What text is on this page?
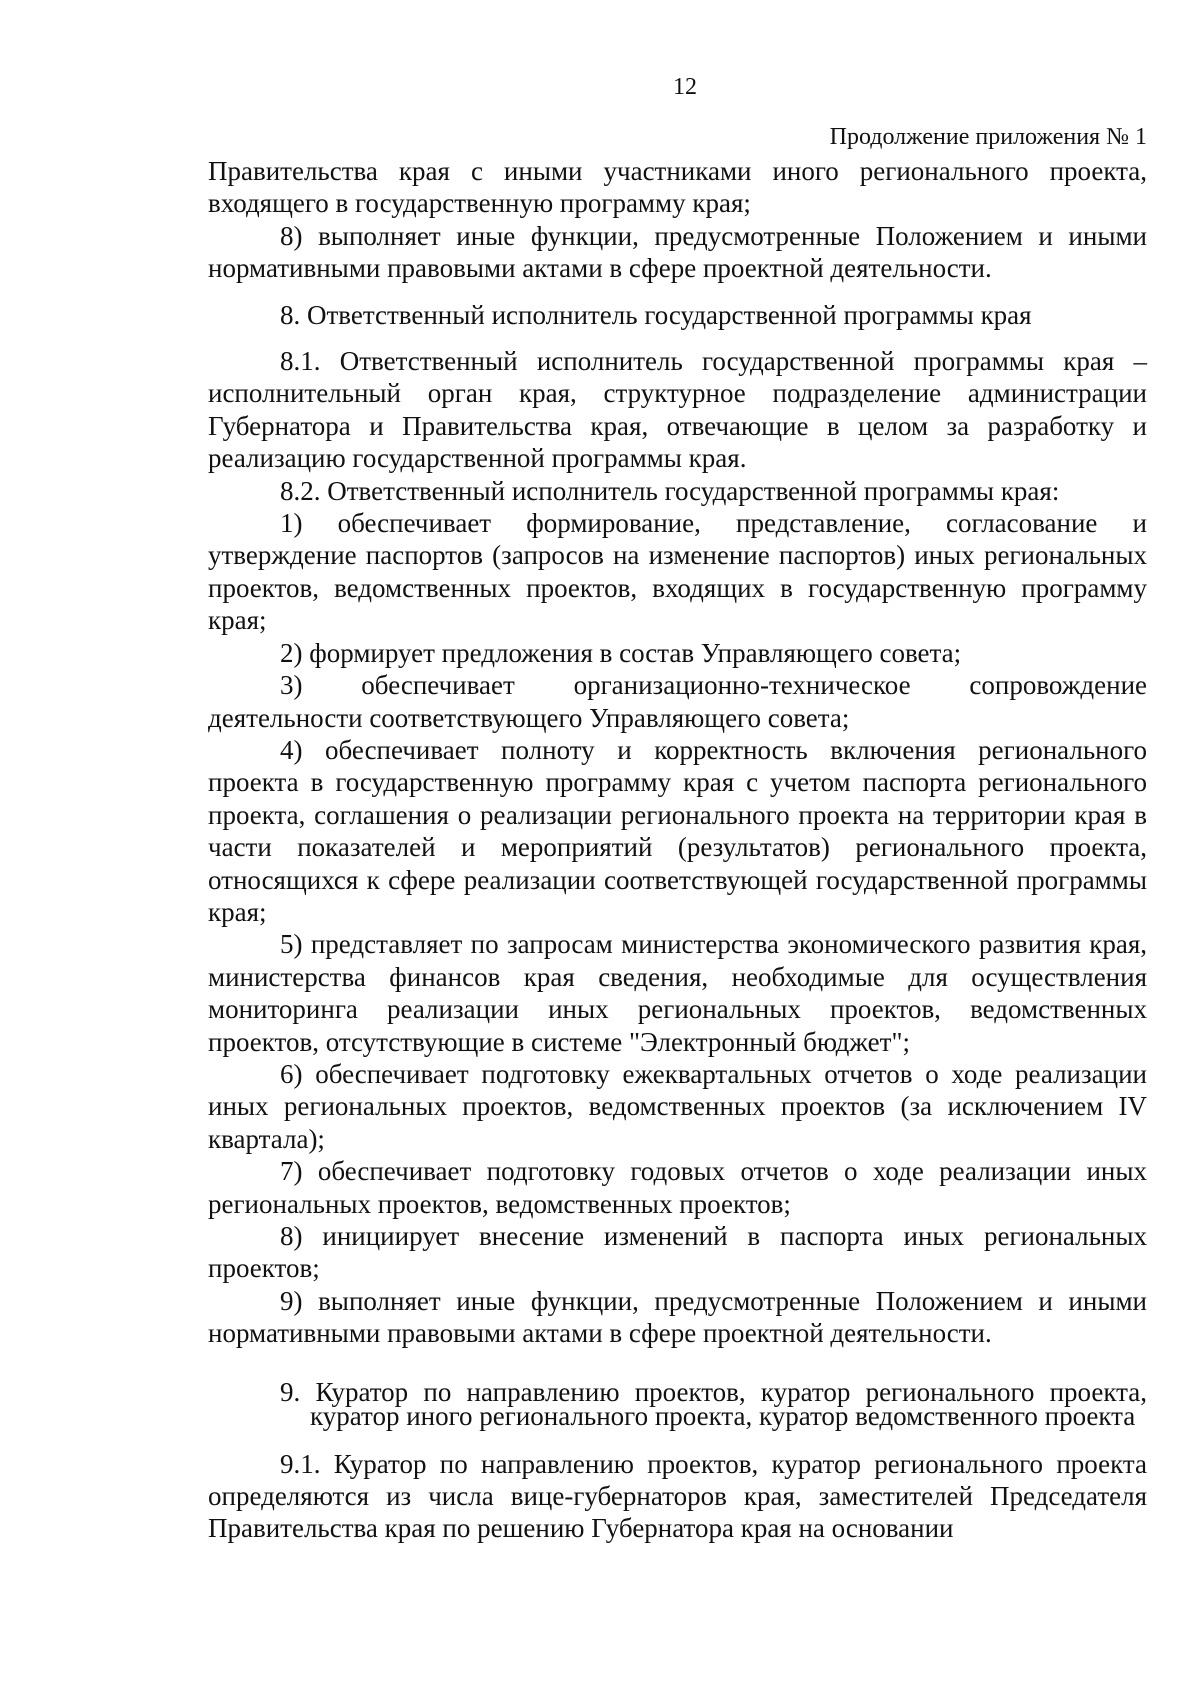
12
Продолжение приложения № 1

Правительства края с иными участниками иного регионального проекта, входящего в государственную программу края;

8) выполняет иные функции, предусмотренные Положением и иными нормативными правовыми актами в сфере проектной деятельности.

8. Ответственный исполнитель государственной программы края

8.1. Ответственный исполнитель государственной программы края – исполнительный орган края, структурное подразделение администрации Губернатора и Правительства края, отвечающие в целом за разработку и реализацию государственной программы края.

8.2. Ответственный исполнитель государственной программы края:

1) обеспечивает формирование, представление, согласование и утверждение паспортов (запросов на изменение паспортов) иных региональных проектов, ведомственных проектов, входящих в государственную программу края;

2) формирует предложения в состав Управляющего совета;

3) обеспечивает организационно-техническое сопровождение деятельности соответствующего Управляющего совета;

4) обеспечивает полноту и корректность включения регионального проекта в государственную программу края с учетом паспорта регионального проекта, соглашения о реализации регионального проекта на территории края в части показателей и мероприятий (результатов) регионального проекта, относящихся к сфере реализации соответствующей государственной программы края;

5) представляет по запросам министерства экономического развития края, министерства финансов края сведения, необходимые для осуществления мониторинга реализации иных региональных проектов, ведомственных проектов, отсутствующие в системе "Электронный бюджет";

6) обеспечивает подготовку ежеквартальных отчетов о ходе реализации иных региональных проектов, ведомственных проектов (за исключением IV квартала);

7) обеспечивает подготовку годовых отчетов о ходе реализации иных региональных проектов, ведомственных проектов;

8) инициирует внесение изменений в паспорта иных региональных проектов;

9) выполняет иные функции, предусмотренные Положением и иными нормативными правовыми актами в сфере проектной деятельности.

9. Куратор по направлению проектов, куратор регионального проекта, куратор иного регионального проекта, куратор ведомственного проекта

9.1. Куратор по направлению проектов, куратор регионального проекта определяются из числа вице-губернаторов края, заместителей Председателя Правительства края по решению Губернатора края на основании
